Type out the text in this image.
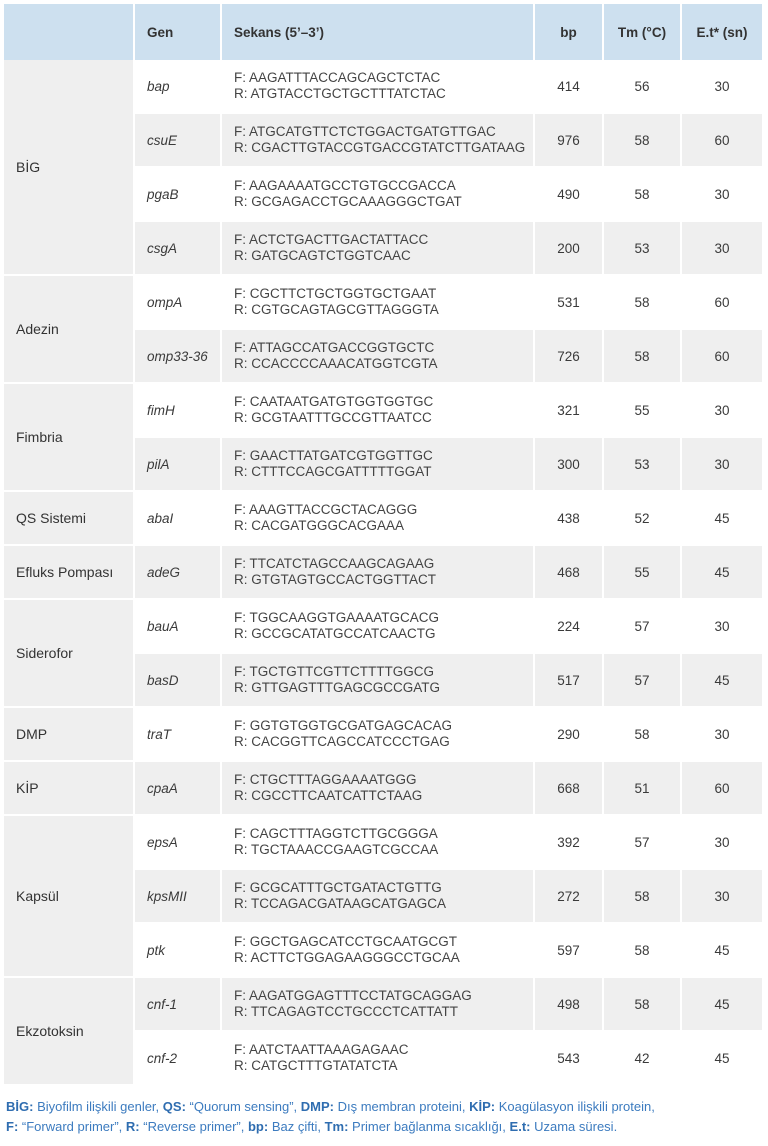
	Gen	Sekans (5’–3’)	bp	Tm (°C)	E.t* (sn)
BİG	bap	F: AAGATTTACCAGCAGCTCTAC
R: ATGTACCTGCTGCTTTATCTAC	414	56	30
	csuE	F: ATGCATGTTCTCTGGACTGATGTTGAC
R: CGACTTGTACCGTGACCGTATCTTGATAAG	976	58	60
	pgaB	F: AAGAAAATGCCTGTGCCGACCA
R: GCGAGACCTGCAAAGGGCTGAT	490	58	30
	csgA	F: ACTCTGACTTGACTATTACC
R: GATGCAGTCTGGTCAAC	200	53	30
Adezin	ompA	F: CGCTTCTGCTGGTGCTGAAT
R: CGTGCAGTAGCGTTAGGGTA	531	58	60
	omp33-36	F: ATTAGCCATGACCGGTGCTC
R: CCACCCCAAACATGGTCGTA	726	58	60
Fimbria	fimH	F: CAATAATGATGTGGTGGTGC
R: GCGTAATTTGCCGTTAATCC	321	55	30
	pilA	F: GAACTTATGATCGTGGTTGC
R: CTTTCCAGCGATTTTTGGAT	300	53	30
QS Sistemi	abaI	F: AAAGTTACCGCTACAGGG
R: CACGATGGGCACGAAA	438	52	45
Efluks Pompası	adeG	F: TTCATCTAGCCAAGCAGAAG
R: GTGTAGTGCCACTGGTTACT	468	55	45
Siderofor	bauA	F: TGGCAAGGTGAAAATGCACG
R: GCCGCATATGCCATCAACTG	224	57	30
	basD	F: TGCTGTTCGTTCTTTTGGCG
R: GTTGAGTTTGAGCGCCGATG	517	57	45
DMP	traT	F: GGTGTGGTGCGATGAGCACAG
R: CACGGTTCAGCCATCCCTGAG	290	58	30
KİP	cpaA	F: CTGCTTTAGGAAAATGGG
R: CGCCTTCAATCATTCTAAG	668	51	60
Kapsül	epsA	F: CAGCTTTAGGTCTTGCGGGA
R: TGCTAAACCGAAGTCGCCAA	392	57	30
	kpsMII	F: GCGCATTTGCTGATACTGTTG
R: TCCAGACGATAAGCATGAGCA	272	58	30
	ptk	F: GGCTGAGCATCCTGCAATGCGT
R: ACTTCTGGAGAAGGGCCTGCAA	597	58	45
Ekzotoksin	cnf-1	F: AAGATGGAGTTTCCTATGCAGGAG
R: TTCAGAGTCCTGCCCTCATTATT	498	58	45
	cnf-2	F: AATCTAATTAAAGAGAAC
R: CATGCTTTGTATATCTA	543	42	45
BİG: Biyofilm ilişkili genler, QS: “Quorum sensing”, DMP: Dış membran proteini, KİP: Koagülasyon ilişkili protein,
F: “Forward primer”, R: “Reverse primer”, bp: Baz çifti, Tm: Primer bağlanma sıcaklığı, E.t: Uzama süresi.
